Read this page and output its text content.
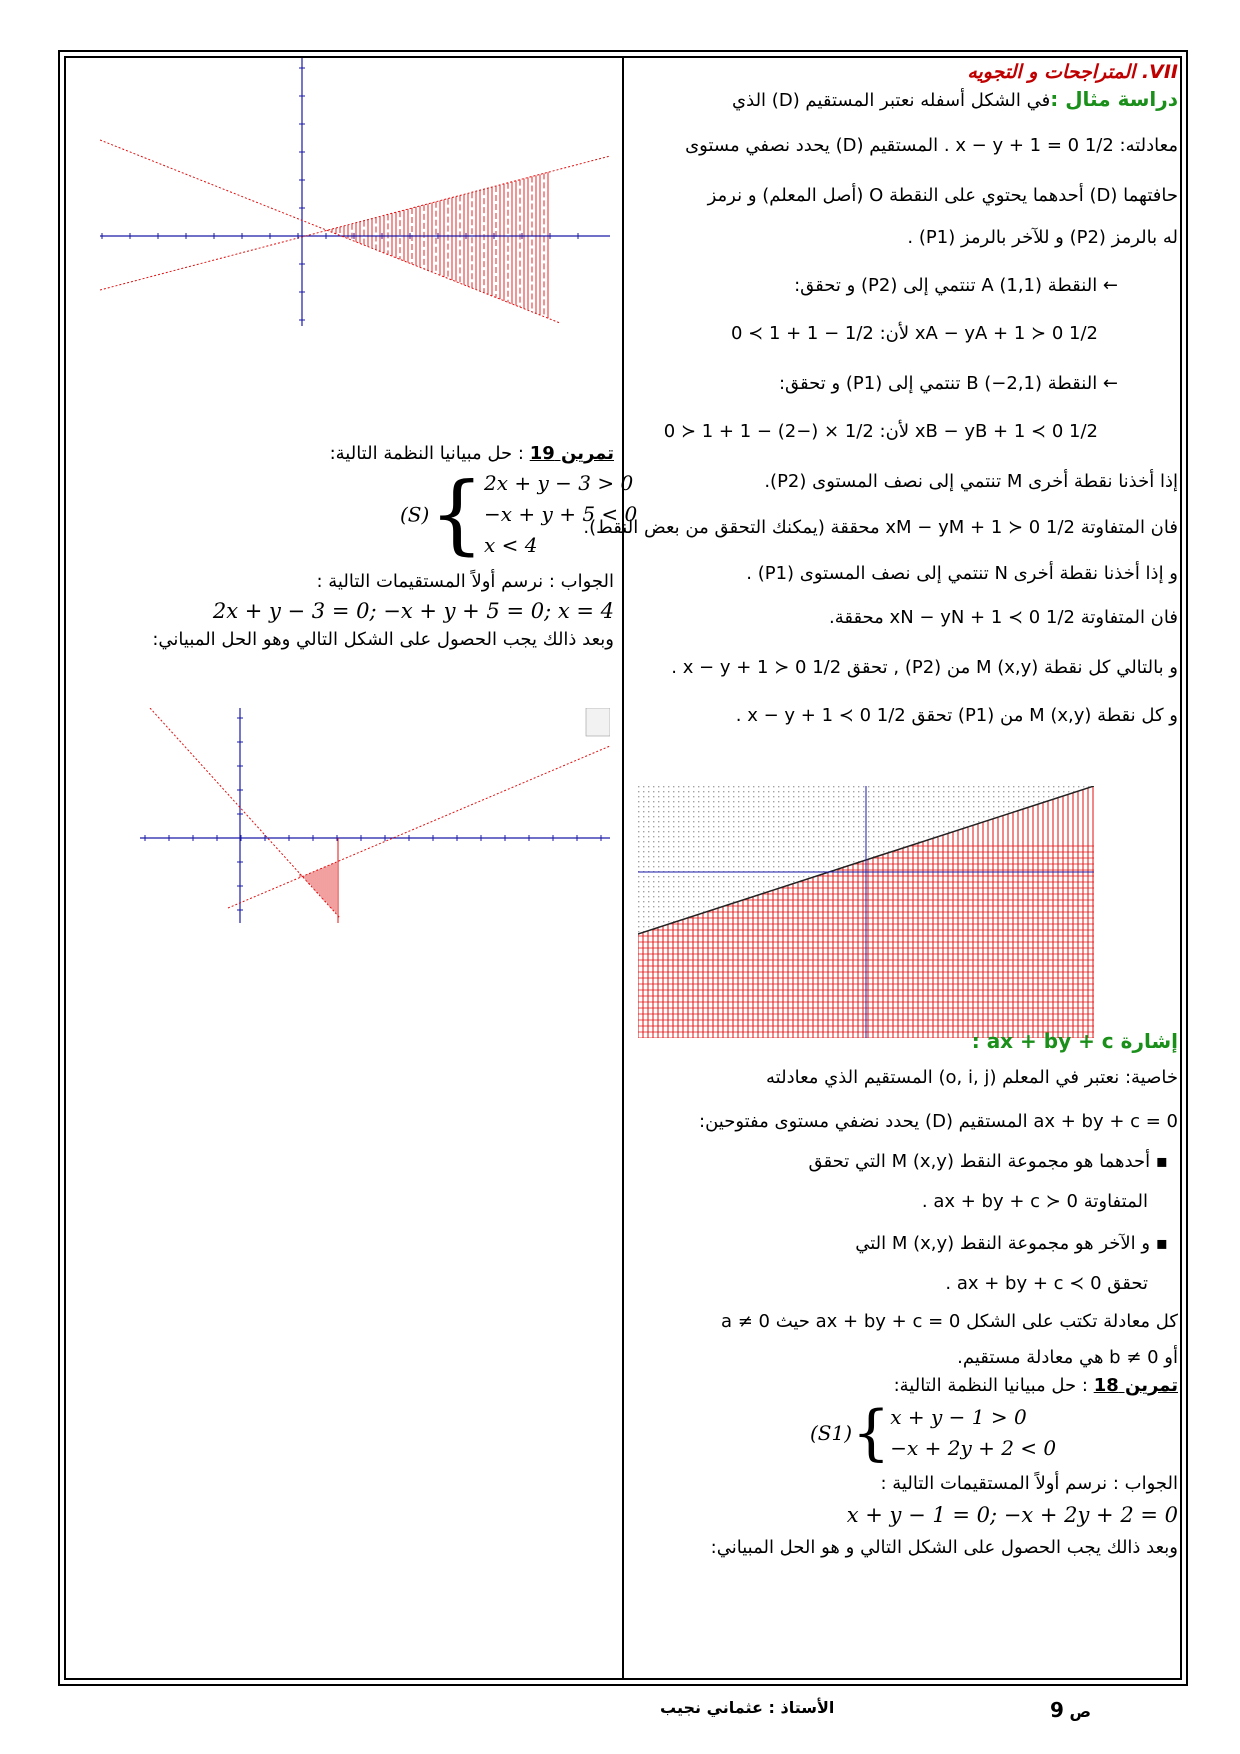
VII. المتراجحات و التجويه
دراسة مثال :في الشكل أسفله نعتبر المستقيم (D) الذي
معادلته: 1/2 x − y + 1 = 0 . المستقيم (D) يحدد نصفي مستوى
حافتهما (D) أحدهما يحتوي على النقطة O (أصل المعلم) و نرمز
له بالرمز (P2) و للآخر بالرمز (P1) .
← النقطة A (1,1) تنتمي إلى (P2) و تحقق:
1/2 xA − yA + 1 ≻ 0 لأن: 1/2 − 1 + 1 ≻ 0
← النقطة B (−2,1) تنتمي إلى (P1) و تحقق:
1/2 xB − yB + 1 ≺ 0 لأن: 1/2 × (−2) − 1 + 1 ≺ 0
إذا أخذنا نقطة أخرى M تنتمي إلى نصف المستوى (P2).
فان المتفاوتة 1/2 xM − yM + 1 ≻ 0 محققة (يمكنك التحقق من بعض النقط).
و إذا أخذنا نقطة أخرى N تنتمي إلى نصف المستوى (P1) .
فان المتفاوتة 1/2 xN − yN + 1 ≺ 0 محققة.
و بالتالي كل نقطة M (x,y) من (P2) , تحقق 1/2 x − y + 1 ≻ 0 .
و كل نقطة M (x,y) من (P1) تحقق 1/2 x − y + 1 ≺ 0 .
إشارة ax + by + c :
خاصية: نعتبر في المعلم (o, i, j) المستقيم الذي معادلته
ax + by + c = 0 المستقيم (D) يحدد نضفي مستوى مفتوحين:
▪ أحدهما هو مجموعة النقط M (x,y) التي تحقق
المتفاوتة ax + by + c ≻ 0 .
▪ و الآخر هو مجموعة النقط M (x,y) التي
تحقق ax + by + c ≺ 0 .
كل معادلة تكتب على الشكل ax + by + c = 0 حيث a ≠ 0
أو b ≠ 0 هي معادلة مستقيم.
تمرين 18 : حل مبيانيا النظمة التالية:
(S1){x + y − 1 > 0
−x + 2y + 2 < 0
الجواب : نرسم أولاً المستقيمات التالية :
x + y − 1 = 0; −x + 2y + 2 = 0
وبعد ذالك يجب الحصول على الشكل التالي و هو الحل المبياني:
تمرين 19 : حل مبيانيا النظمة التالية:
(S){2x + y − 3 > 0
−x + y + 5 < 0
x < 4
الجواب : نرسم أولاً المستقيمات التالية :
2x + y − 3 = 0; −x + y + 5 = 0; x = 4
وبعد ذالك يجب الحصول على الشكل التالي وهو الحل المبياني:
ص 9
الأستاذ : عثماني نجيب
